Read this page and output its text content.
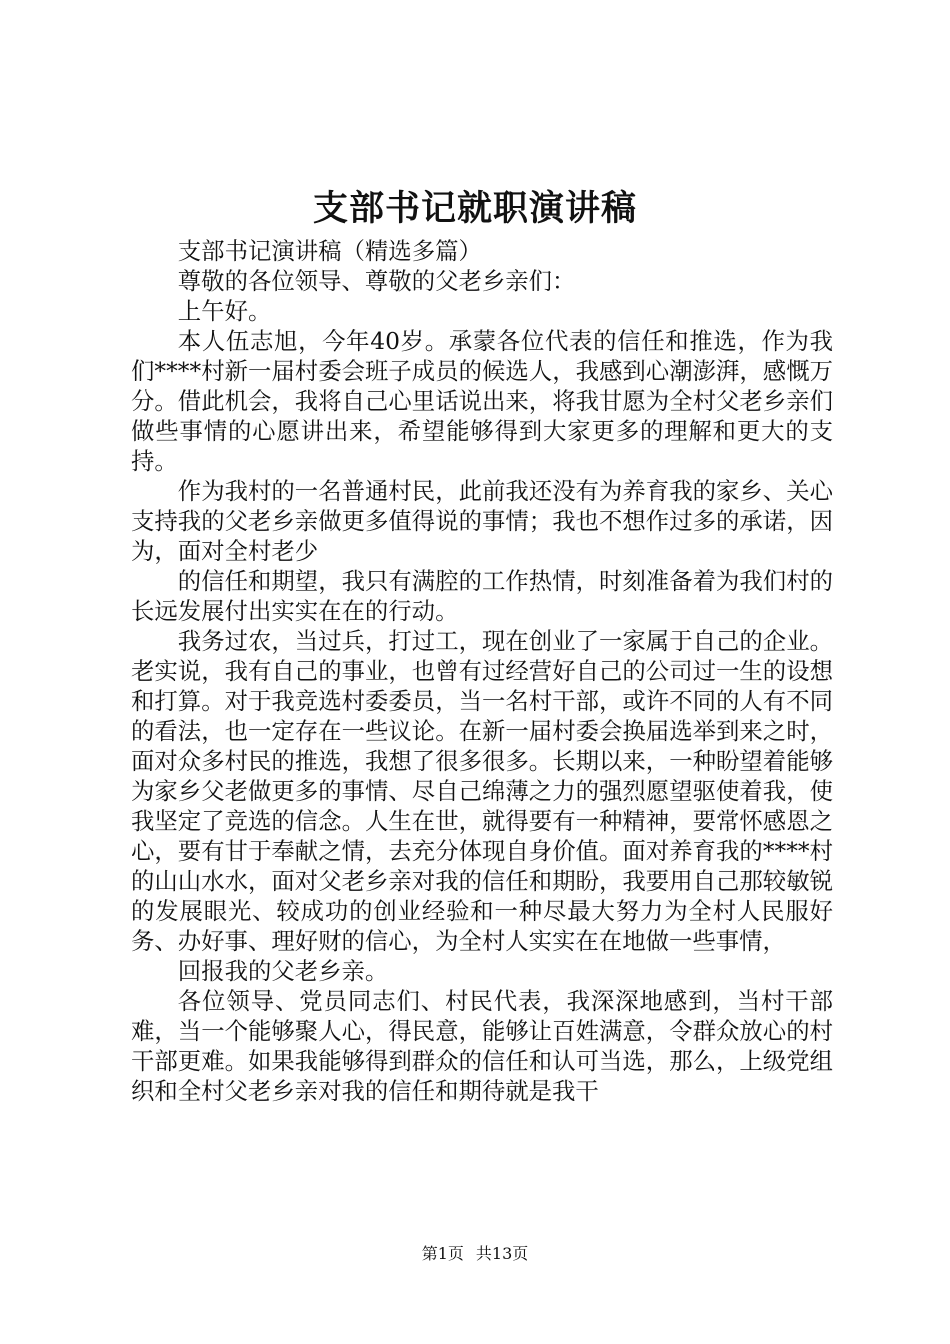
支部书记就职演讲稿

支部书记演讲稿（精选多篇）

尊敬的各位领导、尊敬的父老乡亲们：

上午好。

本人伍志旭，今年40岁。承蒙各位代表的信任和推选，作为我们****村新一届村委会班子成员的候选人，我感到心潮澎湃，感慨万分。借此机会，我将自己心里话说出来，将我甘愿为全村父老乡亲们做些事情的心愿讲出来，希望能够得到大家更多的理解和更大的支持。

作为我村的一名普通村民，此前我还没有为养育我的家乡、关心支持我的父老乡亲做更多值得说的事情；我也不想作过多的承诺，因为，面对全村老少

的信任和期望，我只有满腔的工作热情，时刻准备着为我们村的长远发展付出实实在在的行动。

我务过农，当过兵，打过工，现在创业了一家属于自己的企业。老实说，我有自己的事业，也曾有过经营好自己的公司过一生的设想和打算。对于我竞选村委委员，当一名村干部，或许不同的人有不同的看法，也一定存在一些议论。在新一届村委会换届选举到来之时，面对众多村民的推选，我想了很多很多。长期以来，一种盼望着能够为家乡父老做更多的事情、尽自己绵薄之力的强烈愿望驱使着我，使我坚定了竞选的信念。人生在世，就得要有一种精神，要常怀感恩之心，要有甘于奉献之情，去充分体现自身价值。面对养育我的****村的山山水水，面对父老乡亲对我的信任和期盼，我要用自己那较敏锐的发展眼光、较成功的创业经验和一种尽最大努力为全村人民服好务、办好事、理好财的信心，为全村人实实在在地做一些事情，

回报我的父老乡亲。

各位领导、党员同志们、村民代表，我深深地感到，当村干部难，当一个能够聚人心，得民意，能够让百姓满意，令群众放心的村干部更难。如果我能够得到群众的信任和认可当选，那么，上级党组织和全村父老乡亲对我的信任和期待就是我干

第1页 共13页
